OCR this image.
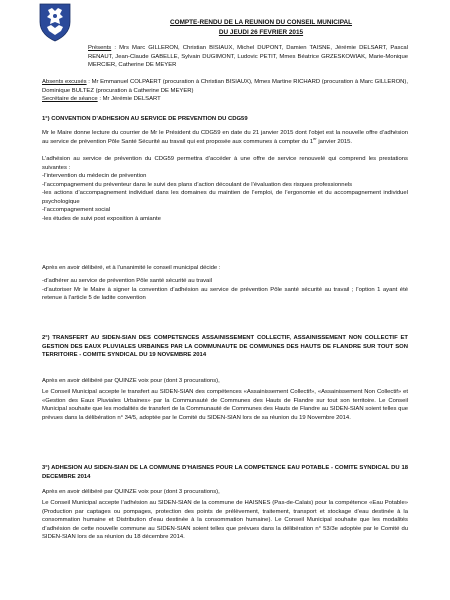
COMPTE-RENDU DE LA REUNION DU CONSEIL MUNICIPAL
DU JEUDI 26 FEVRIER 2015
Présents : Mrs Marc GILLERON, Christian BISIAUX, Michel DUPONT, Damien TAISNE, Jérémie DELSART, Pascal RENAUT, Jean-Claude GABELLE, Sylvain DUGIMONT, Ludovic PETIT, Mmes Béatrice GRZESKOWIAK, Marie-Monique MERCIER, Catherine DE MEYER
Absents excusés : Mr Emmanuel COLPAERT (procuration à Christian BISIAUX), Mmes Martine RICHARD (procuration à Marc GILLERON), Dominique BULTEZ (procuration à Catherine DE MEYER)
Secrétaire de séance : Mr Jérémie DELSART
1°) CONVENTION D’ADHESION AU SERVICE DE PREVENTION DU CDG59
Mr le Maire donne lecture du courrier de Mr le Président du CDG59 en date du 21 janvier 2015 dont l’objet est la nouvelle offre d’adhésion au service de prévention Pôle Santé Sécurité au travail qui est proposée aux communes à compter du 1er janvier 2015.
L’adhésion au service de prévention du CDG59 permettra d’accéder à une offre de service renouvelé qui comprend les prestations suivantes :
-l’intervention du médecin de prévention
-l’accompagnement du préventeur dans le suivi des plans d’action découlant de l’évaluation des risques professionnels
-les actions d’accompagnement individuel dans les domaines du maintien de l’emploi, de l’ergonomie et du accompagnement individuel psychologique
-l’accompagnement social
-les études de suivi post exposition à amiante
Après en avoir délibéré, et à l’unanimité le conseil municipal décide :
-d’adhérer au service de prévention Pôle santé sécurité au travail
-d’autoriser Mr le Maire à signer la convention d’adhésion au service de prévention Pôle santé sécurité au travail ; l’option 1 ayant été retenue à l’article 5 de ladite convention
2°) TRANSFERT AU SIDEN-SIAN DES COMPETENCES ASSAINISSEMENT COLLECTIF, ASSAINISSEMENT NON COLLECTIF ET GESTION DES EAUX PLUVIALES URBAINES PAR LA COMMUNAUTE DE COMMUNES DES HAUTS DE FLANDRE SUR TOUT SON TERRITOIRE - COMITE SYNDICAL DU 19 NOVEMBRE 2014
Après en avoir délibéré par QUINZE voix pour (dont 3 procurations),
Le Conseil Municipal accepte le transfert au SIDEN-SIAN des compétences «Assainissement Collectif», «Assainissement Non Collectif» et «Gestion des Eaux Pluviales Urbaines» par la Communauté de Communes des Hauts de Flandre sur tout son territoire. Le Conseil Municipal souhaite que les modalités de transfert de la Communauté de Communes des Hauts de Flandre au SIDEN-SIAN soient telles que prévues dans la délibération n° 34/5, adoptée par le Comité du SIDEN-SIAN lors de sa réunion du 19 Novembre 2014.
3°) ADHESION AU SIDEN-SIAN DE LA COMMUNE D’HAISNES POUR LA COMPETENCE EAU POTABLE - COMITE SYNDICAL DU 18 DECEMBRE 2014
Après en avoir délibéré par QUINZE voix pour (dont 3 procurations),
Le Conseil Municipal accepte l’adhésion au SIDEN-SIAN de la commune de HAISNES (Pas-de-Calais) pour la compétence «Eau Potable» (Production par captages ou pompages, protection des points de prélèvement, traitement, transport et stockage d’eau destinée à la consommation humaine et Distribution d’eau destinée à la consommation humaine). Le Conseil Municipal souhaite que les modalités d’adhésion de cette nouvelle commune au SIDEN-SIAN soient telles que prévues dans la délibération n° 53/3e adoptée par le Comité du SIDEN-SIAN lors de sa réunion du 18 décembre 2014.
